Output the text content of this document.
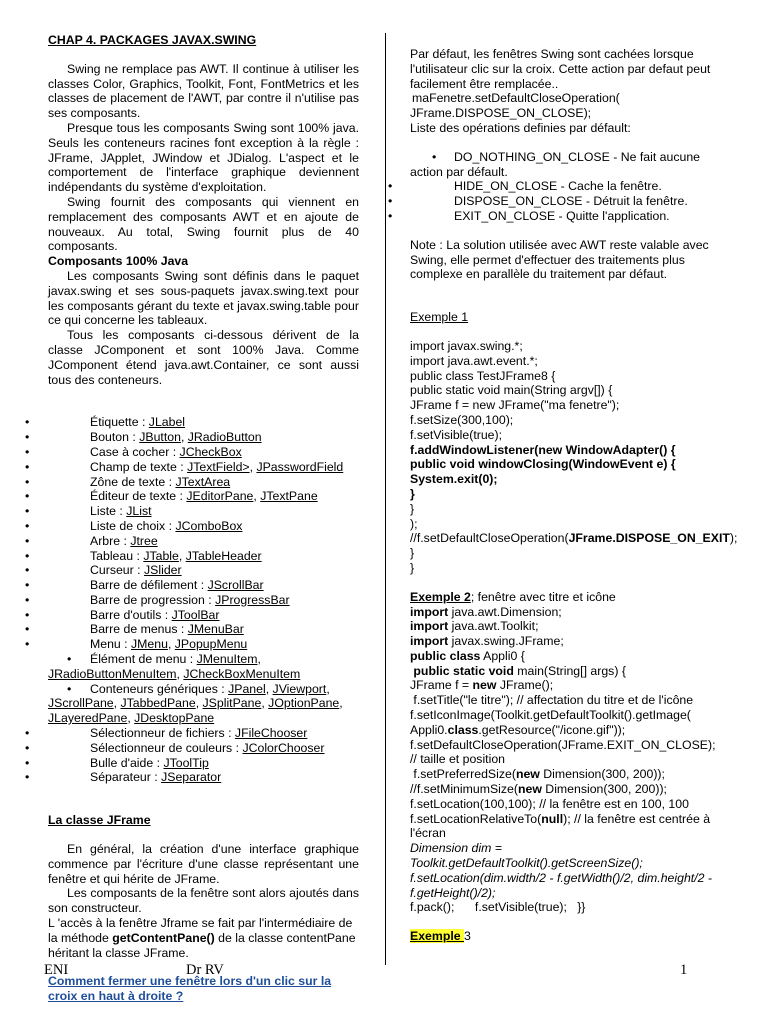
CHAP 4. PACKAGES JAVAX.SWING

Swing ne remplace pas AWT. Il continue à utiliser les classes Color, Graphics, Toolkit, Font, FontMetrics et les classes de placement de l'AWT, par contre il n'utilise pas ses composants.

Presque tous les composants Swing sont 100% java. Seuls les conteneurs racines font exception à la règle : JFrame, JApplet, JWindow et JDialog. L'aspect et le comportement de l'interface graphique deviennent indépendants du système d'exploitation.

Swing fournit des composants qui viennent en remplacement des composants AWT et en ajoute de nouveaux. Au total, Swing fournit plus de 40 composants.

Composants 100% Java

Les composants Swing sont définis dans le paquet javax.swing et ses sous-paquets javax.swing.text pour les composants gérant du texte et javax.swing.table pour ce qui concerne les tableaux.

Tous les composants ci-dessous dérivent de la classe JComponent et sont 100% Java. Comme JComponent étend java.awt.Container, ce sont aussi tous des conteneurs.

• Étiquette : JLabel
• Bouton : JButton, JRadioButton
• Case à cocher : JCheckBox
• Champ de texte : JTextField>, JPasswordField
• Zône de texte : JTextArea
• Éditeur de texte : JEditorPane, JTextPane
• Liste : JList
• Liste de choix : JComboBox
• Arbre : Jtree
• Tableau : JTable, JTableHeader
• Curseur : JSlider
• Barre de défilement : JScrollBar
• Barre de progression : JProgressBar
• Barre d'outils : JToolBar
• Barre de menus : JMenuBar
• Menu : JMenu, JPopupMenu
• Élément de menu : JMenuItem, JRadioButtonMenuItem, JCheckBoxMenuItem
• Conteneurs génériques : JPanel, JViewport, JScrollPane, JTabbedPane, JSplitPane, JOptionPane, JLayeredPane, JDesktopPane
• Sélectionneur de fichiers : JFileChooser
• Sélectionneur de couleurs : JColorChooser
• Bulle d'aide : JToolTip
• Séparateur : JSeparator

La classe JFrame

En général, la création d'une interface graphique commence par l'écriture d'une classe représentant une fenêtre et qui hérite de JFrame.

Les composants de la fenêtre sont alors ajoutés dans son constructeur.

L 'accès à la fenêtre Jframe se fait par l'intermédiaire de la méthode getContentPane() de la classe contentPane héritant la classe JFrame.

Comment fermer une fenêtre lors d'un clic sur la croix en haut à droite ?

Par défaut, les fenêtres Swing sont cachées lorsque l'utilisateur clic sur la croix. Cette action par defaut peut facilement être remplacée..

maFenetre.setDefaultCloseOperation(

JFrame.DISPOSE_ON_CLOSE);

Liste des opérations definies par défault:

• DO_NOTHING_ON_CLOSE - Ne fait aucune action par défault.
• HIDE_ON_CLOSE - Cache la fenêtre.
• DISPOSE_ON_CLOSE - Détruit la fenêtre.
• EXIT_ON_CLOSE - Quitte l'application.

Note : La solution utilisée avec AWT reste valable avec Swing, elle permet d'effectuer des traitements plus complexe en parallèle du traitement par défaut.

Exemple 1

import javax.swing.*;

import java.awt.event.*;

public class TestJFrame8 {

public static void main(String argv[]) {

JFrame f = new JFrame("ma fenetre");

f.setSize(300,100);

f.setVisible(true);

f.addWindowListener(new WindowAdapter() {

public void windowClosing(WindowEvent e) {

System.exit(0);

}

}

);

//f.setDefaultCloseOperation(JFrame.DISPOSE_ON_EXIT);

}

}

Exemple 2; fenêtre avec titre et icône

import java.awt.Dimension;

import java.awt.Toolkit;

import javax.swing.JFrame;

public class Appli0 {

public static void main(String[] args) {

JFrame f = new JFrame();

f.setTitle("le titre"); // affectation du titre et de l'icône

f.setIconImage(Toolkit.getDefaultToolkit().getImage(

Appli0.class.getResource("/icone.gif"));

f.setDefaultCloseOperation(JFrame.EXIT_ON_CLOSE);

// taille et position

f.setPreferredSize(new Dimension(300, 200));

//f.setMinimumSize(new Dimension(300, 200));

f.setLocation(100,100); // la fenêtre est en 100, 100

f.setLocationRelativeTo(null); // la fenêtre est centrée à l'écran

Dimension dim =

Toolkit.getDefaultToolkit().getScreenSize();

f.setLocation(dim.width/2 - f.getWidth()/2, dim.height/2 - f.getHeight()/2);

f.pack();      f.setVisible(true);   }}

Exemple 3

ENI	Dr RV	1
